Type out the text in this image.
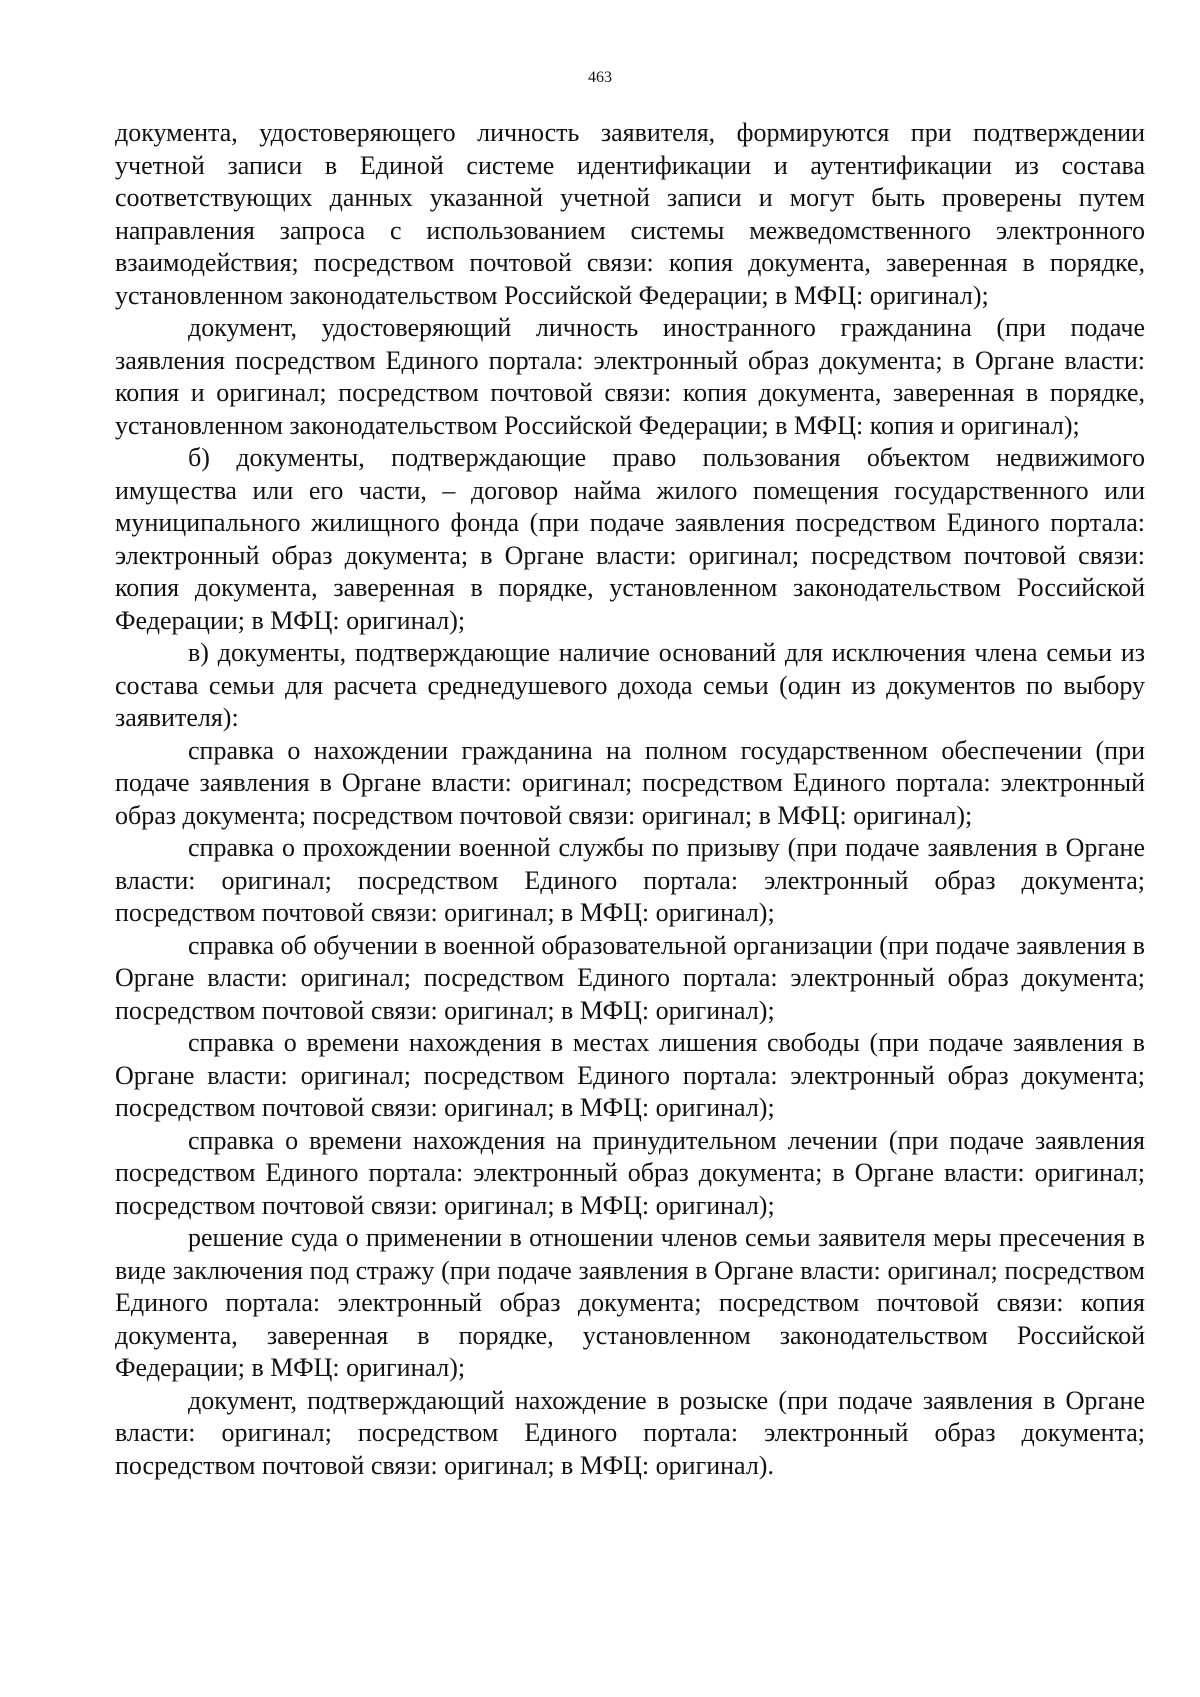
463

документа, удостоверяющего личность заявителя, формируются при подтверждении учетной записи в Единой системе идентификации и аутентификации из состава соответствующих данных указанной учетной записи и могут быть проверены путем направления запроса с использованием системы межведомственного электронного взаимодействия; посредством почтовой связи: копия документа, заверенная в порядке, установленном законодательством Российской Федерации; в МФЦ: оригинал);

документ, удостоверяющий личность иностранного гражданина (при подаче заявления посредством Единого портала: электронный образ документа; в Органе власти: копия и оригинал; посредством почтовой связи: копия документа, заверенная в порядке, установленном законодательством Российской Федерации; в МФЦ: копия и оригинал);

б) документы, подтверждающие право пользования объектом недвижимого имущества или его части, – договор найма жилого помещения государственного или муниципального жилищного фонда (при подаче заявления посредством Единого портала: электронный образ документа; в Органе власти: оригинал; посредством почтовой связи: копия документа, заверенная в порядке, установленном законодательством Российской Федерации; в МФЦ: оригинал);

в) документы, подтверждающие наличие оснований для исключения члена семьи из состава семьи для расчета среднедушевого дохода семьи (один из документов по выбору заявителя):

справка о нахождении гражданина на полном государственном обеспечении (при подаче заявления в Органе власти: оригинал; посредством Единого портала: электронный образ документа; посредством почтовой связи: оригинал; в МФЦ: оригинал);

справка о прохождении военной службы по призыву (при подаче заявления в Органе власти: оригинал; посредством Единого портала: электронный образ документа; посредством почтовой связи: оригинал; в МФЦ: оригинал);

справка об обучении в военной образовательной организации (при подаче заявления в Органе власти: оригинал; посредством Единого портала: электронный образ документа; посредством почтовой связи: оригинал; в МФЦ: оригинал);

справка о времени нахождения в местах лишения свободы (при подаче заявления в Органе власти: оригинал; посредством Единого портала: электронный образ документа; посредством почтовой связи: оригинал; в МФЦ: оригинал);

справка о времени нахождения на принудительном лечении (при подаче заявления посредством Единого портала: электронный образ документа; в Органе власти: оригинал; посредством почтовой связи: оригинал; в МФЦ: оригинал);

решение суда о применении в отношении членов семьи заявителя меры пресечения в виде заключения под стражу (при подаче заявления в Органе власти: оригинал; посредством Единого портала: электронный образ документа; посредством почтовой связи: копия документа, заверенная в порядке, установленном законодательством Российской Федерации; в МФЦ: оригинал);

документ, подтверждающий нахождение в розыске (при подаче заявления в Органе власти: оригинал; посредством Единого портала: электронный образ документа; посредством почтовой связи: оригинал; в МФЦ: оригинал).
